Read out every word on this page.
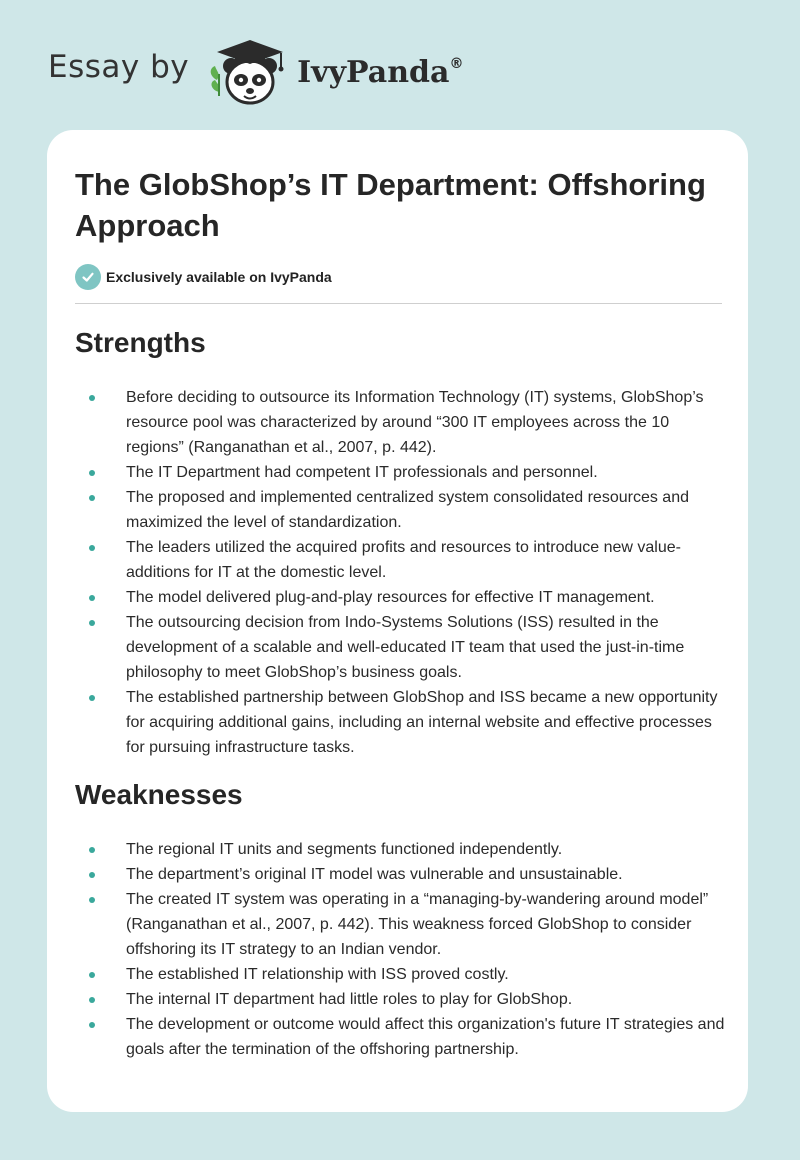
Essay by	IvyPanda®
The GlobShop’s IT Department: Offshoring Approach
Exclusively available on IvyPanda
Strengths
Before deciding to outsource its Information Technology (IT) systems, GlobShop’s resource pool was characterized by around “300 IT employees across the 10 regions” (Ranganathan et al., 2007, p. 442).
The IT Department had competent IT professionals and personnel.
The proposed and implemented centralized system consolidated resources and maximized the level of standardization.
The leaders utilized the acquired profits and resources to introduce new value-additions for IT at the domestic level.
The model delivered plug-and-play resources for effective IT management.
The outsourcing decision from Indo-Systems Solutions (ISS) resulted in the development of a scalable and well-educated IT team that used the just-in-time philosophy to meet GlobShop’s business goals.
The established partnership between GlobShop and ISS became a new opportunity for acquiring additional gains, including an internal website and effective processes for pursuing infrastructure tasks.
Weaknesses
The regional IT units and segments functioned independently.
The department’s original IT model was vulnerable and unsustainable.
The created IT system was operating in a “managing-by-wandering around model” (Ranganathan et al., 2007, p. 442). This weakness forced GlobShop to consider offshoring its IT strategy to an Indian vendor.
The established IT relationship with ISS proved costly.
The internal IT department had little roles to play for GlobShop.
The development or outcome would affect this organization's future IT strategies and goals after the termination of the offshoring partnership.
